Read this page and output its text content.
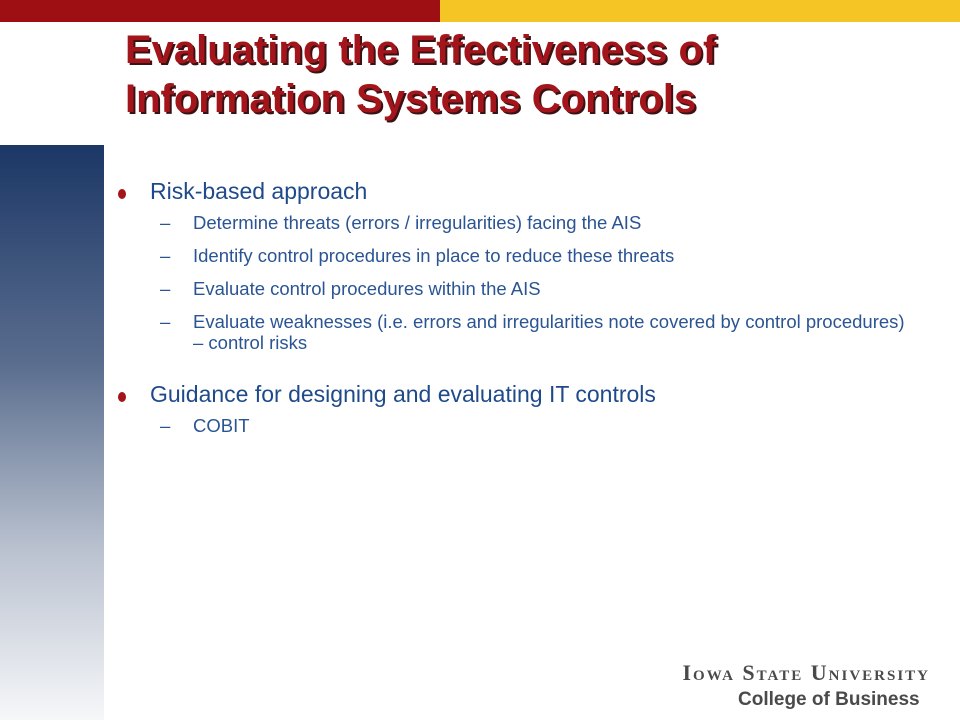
Evaluating the Effectiveness of
Information Systems Controls
Risk-based approach
– Determine threats (errors / irregularities) facing the AIS
– Identify control procedures in place to reduce these threats
– Evaluate control procedures within the AIS
– Evaluate weaknesses (i.e. errors and irregularities note covered by control procedures) – control risks
Guidance for designing and evaluating IT controls
– COBIT
Iowa State University
College of Business
